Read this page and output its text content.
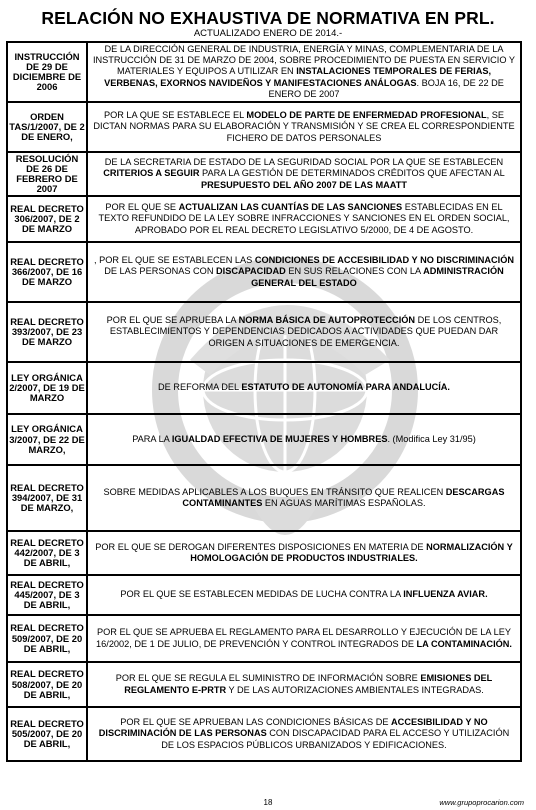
RELACIÓN NO EXHAUSTIVA DE NORMATIVA EN PRL.
ACTUALIZADO ENERO DE 2014.-
INSTRUCCIÓN DE 29 DE DICIEMBRE DE 2006	DE LA DIRECCIÓN GENERAL DE INDUSTRIA, ENERGÍA Y MINAS, COMPLEMENTARIA DE LA INSTRUCCIÓN DE 31 DE MARZO DE 2004, SOBRE PROCEDIMIENTO DE PUESTA EN SERVICIO Y MATERIALES Y EQUIPOS A UTILIZAR EN INSTALACIONES TEMPORALES DE FERIAS, VERBENAS, EXORNOS NAVIDEÑOS Y MANIFESTACIONES ANÁLOGAS. BOJA 16, DE 22 DE ENERO DE 2007
ORDEN TAS/1/2007, DE 2 DE ENERO,	POR LA QUE SE ESTABLECE EL MODELO DE PARTE DE ENFERMEDAD PROFESIONAL, SE DICTAN NORMAS PARA SU ELABORACIÓN Y TRANSMISIÓN Y SE CREA EL CORRESPONDIENTE FICHERO DE DATOS PERSONALES
RESOLUCIÓN DE 26 DE FEBRERO DE 2007	DE LA SECRETARIA DE ESTADO DE LA SEGURIDAD SOCIAL POR LA QUE SE ESTABLECEN CRITERIOS A SEGUIR PARA LA GESTIÓN DE DETERMINADOS CRÉDITOS QUE AFECTAN AL PRESUPUESTO DEL AÑO 2007 DE LAS MAATT
REAL DECRETO 306/2007, DE 2 DE MARZO	POR EL QUE SE ACTUALIZAN LAS CUANTÍAS DE LAS SANCIONES ESTABLECIDAS EN EL TEXTO REFUNDIDO DE LA LEY SOBRE INFRACCIONES Y SANCIONES EN EL ORDEN SOCIAL, APROBADO POR EL REAL DECRETO LEGISLATIVO 5/2000, DE 4 DE AGOSTO.
REAL DECRETO 366/2007, DE 16 DE MARZO	, POR EL QUE SE ESTABLECEN LAS CONDICIONES DE ACCESIBILIDAD Y NO DISCRIMINACIÓN DE LAS PERSONAS CON DISCAPACIDAD EN SUS RELACIONES CON LA ADMINISTRACIÓN GENERAL DEL ESTADO
REAL DECRETO 393/2007, DE 23 DE MARZO	POR EL QUE SE APRUEBA LA NORMA BÁSICA DE AUTOPROTECCIÓN DE LOS CENTROS, ESTABLECIMIENTOS Y DEPENDENCIAS DEDICADOS A ACTIVIDADES QUE PUEDAN DAR ORIGEN A SITUACIONES DE EMERGENCIA.
LEY ORGÁNICA 2/2007, DE 19 DE MARZO	DE REFORMA DEL ESTATUTO DE AUTONOMÍA PARA ANDALUCÍA.
LEY ORGÁNICA 3/2007, DE 22 DE MARZO,	PARA LA IGUALDAD EFECTIVA DE MUJERES Y HOMBRES. (Modifica Ley 31/95)
REAL DECRETO 394/2007, DE 31 DE MARZO,	SOBRE MEDIDAS APLICABLES A LOS BUQUES EN TRÁNSITO QUE REALICEN DESCARGAS CONTAMINANTES EN AGUAS MARÍTIMAS ESPAÑOLAS.
REAL DECRETO 442/2007, DE 3 DE ABRIL,	POR EL QUE SE DEROGAN DIFERENTES DISPOSICIONES EN MATERIA DE NORMALIZACIÓN Y HOMOLOGACIÓN DE PRODUCTOS INDUSTRIALES.
REAL DECRETO 445/2007, DE 3 DE ABRIL,	POR EL QUE SE ESTABLECEN MEDIDAS DE LUCHA CONTRA LA INFLUENZA AVIAR.
REAL DECRETO 509/2007, DE 20 DE ABRIL,	POR EL QUE SE APRUEBA EL REGLAMENTO PARA EL DESARROLLO Y EJECUCIÓN DE LA LEY 16/2002, DE 1 DE JULIO, DE PREVENCIÓN Y CONTROL INTEGRADOS DE LA CONTAMINACIÓN.
REAL DECRETO 508/2007, DE 20 DE ABRIL,	POR EL QUE SE REGULA EL SUMINISTRO DE INFORMACIÓN SOBRE EMISIONES DEL REGLAMENTO E-PRTR Y DE LAS AUTORIZACIONES AMBIENTALES INTEGRADAS.
REAL DECRETO 505/2007, DE 20 DE ABRIL,	POR EL QUE SE APRUEBAN LAS CONDICIONES BÁSICAS DE ACCESIBILIDAD Y NO DISCRIMINACIÓN DE LAS PERSONAS CON DISCAPACIDAD PARA EL ACCESO Y UTILIZACIÓN DE LOS ESPACIOS PÚBLICOS URBANIZADOS Y EDIFICACIONES.
18	www.grupoprocarion.com
